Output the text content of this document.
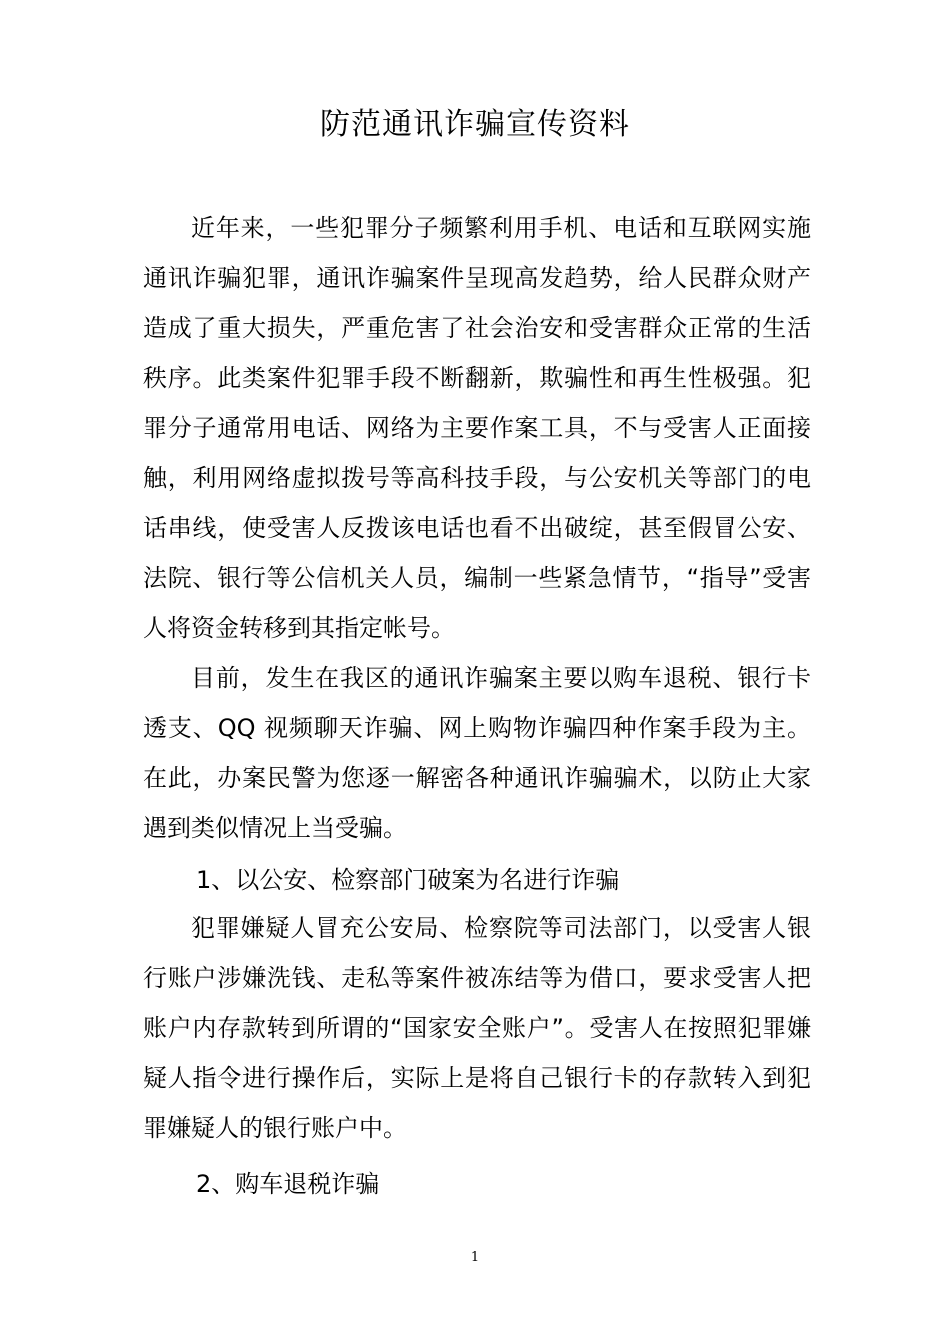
防范通讯诈骗宣传资料

近年来，一些犯罪分子频繁利用手机、电话和互联网实施通讯诈骗犯罪，通讯诈骗案件呈现高发趋势，给人民群众财产造成了重大损失，严重危害了社会治安和受害群众正常的生活秩序。此类案件犯罪手段不断翻新，欺骗性和再生性极强。犯罪分子通常用电话、网络为主要作案工具，不与受害人正面接触，利用网络虚拟拨号等高科技手段，与公安机关等部门的电话串线，使受害人反拨该电话也看不出破绽，甚至假冒公安、法院、银行等公信机关人员，编制一些紧急情节，“指导”受害人将资金转移到其指定帐号。

目前，发生在我区的通讯诈骗案主要以购车退税、银行卡透支、QQ 视频聊天诈骗、网上购物诈骗四种作案手段为主。在此，办案民警为您逐一解密各种通讯诈骗骗术，以防止大家遇到类似情况上当受骗。

1、以公安、检察部门破案为名进行诈骗

犯罪嫌疑人冒充公安局、检察院等司法部门，以受害人银行账户涉嫌洗钱、走私等案件被冻结等为借口，要求受害人把账户内存款转到所谓的“国家安全账户”。受害人在按照犯罪嫌疑人指令进行操作后，实际上是将自己银行卡的存款转入到犯罪嫌疑人的银行账户中。

2、购车退税诈骗

1
